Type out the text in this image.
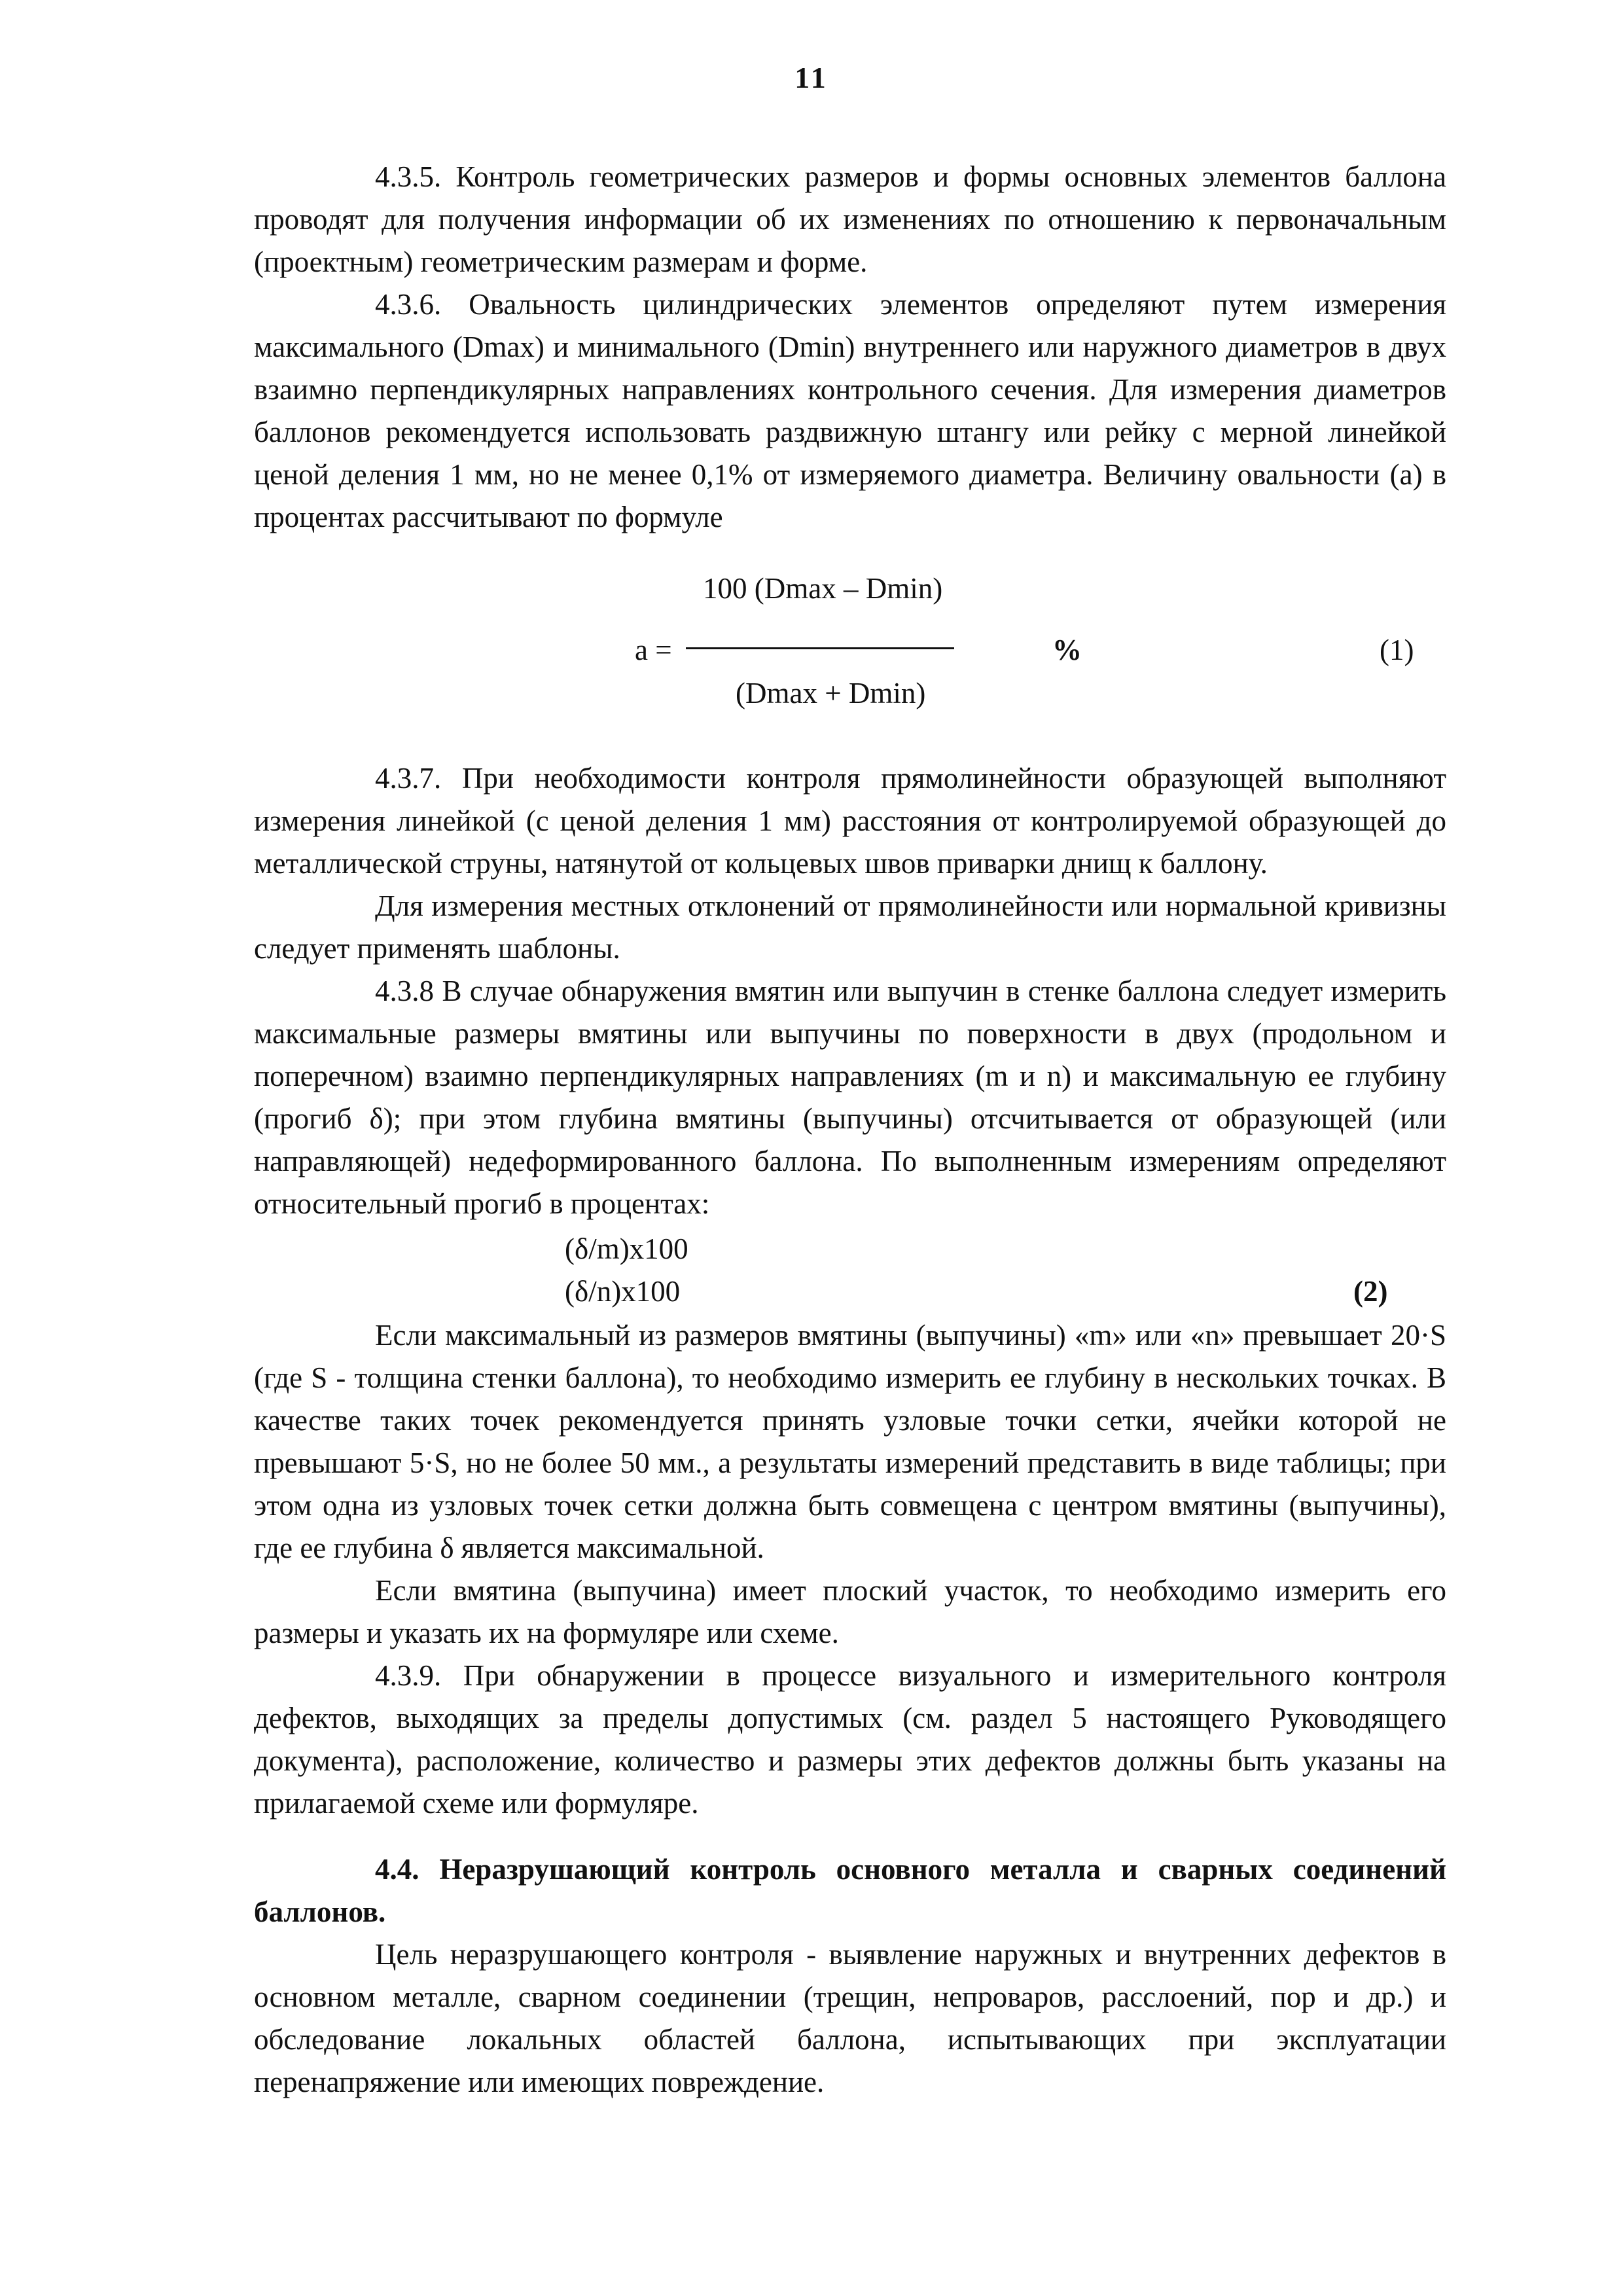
11

4.3.5. Контроль геометрических размеров и формы основных элементов баллона проводят для получения информации об их изменениях по отношению к первоначальным (проектным) геометрическим размерам и форме.

4.3.6. Овальность цилиндрических элементов определяют путем измерения максимального (Dmax) и минимального (Dmin) внутреннего или наружного диаметров в двух взаимно перпендикулярных направлениях контрольного сечения. Для измерения диаметров баллонов рекомендуется использовать раздвижную штангу или рейку с мерной линейкой ценой деления 1 мм, но не менее 0,1% от измеряемого диаметра. Величину овальности (а) в процентах рассчитывают по формуле

100 (Dmax – Dmin)
a =
(Dmax + Dmin)
%	(1)

4.3.7. При необходимости контроля прямолинейности образующей выполняют измерения линейкой (с ценой деления 1 мм) расстояния от контролируемой образующей до металлической струны, натянутой от кольцевых швов приварки днищ к баллону.

Для измерения местных отклонений от прямолинейности или нормальной кривизны следует применять шаблоны.

4.3.8 В случае обнаружения вмятин или выпучин в стенке баллона следует измерить максимальные размеры вмятины или выпучины по поверхности в двух (продольном и поперечном) взаимно перпендикулярных направлениях (m и n) и максимальную ее глубину (прогиб δ); при этом глубина вмятины (выпучины) отсчитывается от образующей (или направляющей) недеформированного баллона. По выполненным измерениям определяют относительный прогиб в процентах:

(δ/m)x100
(δ/n)x100	(2)

Если максимальный из размеров вмятины (выпучины) «m» или «n» превышает 20·S (где S - толщина стенки баллона), то необходимо измерить ее глубину в нескольких точках. В качестве таких точек рекомендуется принять узловые точки сетки, ячейки которой не превышают 5·S, но не более 50 мм., а результаты измерений представить в виде таблицы; при этом одна из узловых точек сетки должна быть совмещена с центром вмятины (выпучины), где ее глубина δ является максимальной.

Если вмятина (выпучина) имеет плоский участок, то необходимо измерить его размеры и указать их на формуляре или схеме.

4.3.9. При обнаружении в процессе визуального и измерительного контроля дефектов, выходящих за пределы допустимых (см. раздел 5 настоящего Руководящего документа), расположение, количество и размеры этих дефектов должны быть указаны на прилагаемой схеме или формуляре.

4.4. Неразрушающий контроль основного металла и сварных соединений баллонов.

Цель неразрушающего контроля - выявление наружных и внутренних дефектов в основном металле, сварном соединении (трещин, непроваров, расслоений, пор и др.) и обследование локальных областей баллона, испытывающих при эксплуатации перенапряжение или имеющих повреждение.
